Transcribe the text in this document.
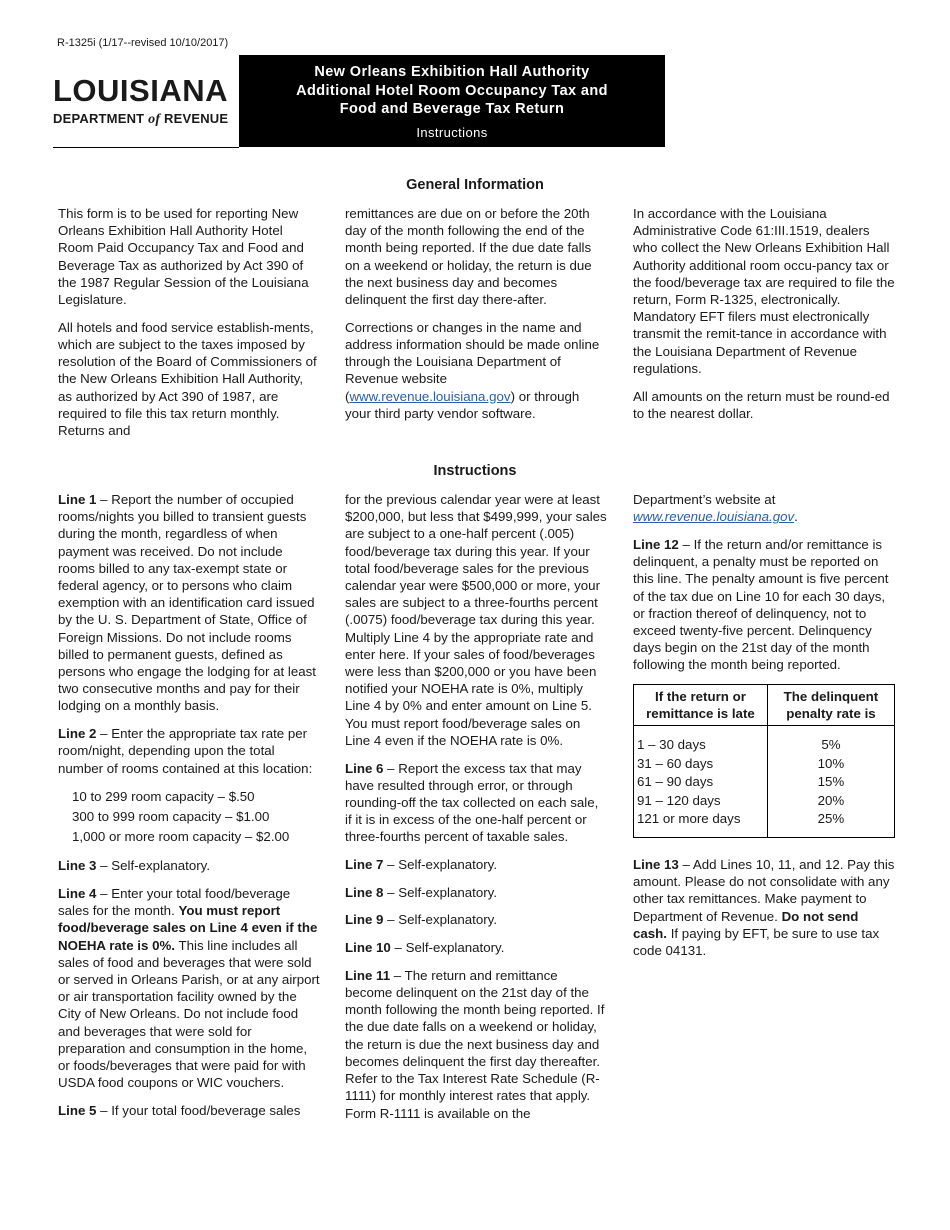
R-1325i (1/17--revised 10/10/2017)
LOUISIANA
DEPARTMENT of REVENUE
New Orleans Exhibition Hall Authority
Additional Hotel Room Occupancy Tax and
Food and Beverage Tax Return
Instructions
General Information

This form is to be used for reporting New Orleans Exhibition Hall Authority Hotel Room Paid Occupancy Tax and Food and Beverage Tax as authorized by Act 390 of the 1987 Regular Session of the Louisiana Legislature.

All hotels and food service establish-ments, which are subject to the taxes imposed by resolution of the Board of Commissioners of the New Orleans Exhibition Hall Authority, as authorized by Act 390 of 1987, are required to file this tax return monthly. Returns and

remittances are due on or before the 20th day of the month following the end of the month being reported. If the due date falls on a weekend or holiday, the return is due the next business day and becomes delinquent the first day there-after.

Corrections or changes in the name and address information should be made online through the Louisiana Department of Revenue website (www.revenue.louisiana.gov) or through your third party vendor software.

In accordance with the Louisiana Administrative Code 61:III.1519, dealers who collect the New Orleans Exhibition Hall Authority additional room occu-pancy tax or the food/beverage tax are required to file the return, Form R-1325, electronically. Mandatory EFT filers must electronically transmit the remit-tance in accordance with the Louisiana Department of Revenue regulations.

All amounts on the return must be round-ed to the nearest dollar.

Instructions

Line 1 – Report the number of occupied rooms/nights you billed to transient guests during the month, regardless of when payment was received. Do not include rooms billed to any tax-exempt state or federal agency, or to persons who claim exemption with an identification card issued by the U. S. Department of State, Office of Foreign Missions. Do not include rooms billed to permanent guests, defined as persons who engage the lodging for at least two consecutive months and pay for their lodging on a monthly basis.

Line 2 – Enter the appropriate tax rate per room/night, depending upon the total number of rooms contained at this location:

10 to 299 room capacity – $.50
300 to 999 room capacity – $1.00
1,000 or more room capacity – $2.00

Line 3 – Self-explanatory.

Line 4 – Enter your total food/beverage sales for the month. You must report food/beverage sales on Line 4 even if the NOEHA rate is 0%. This line includes all sales of food and beverages that were sold or served in Orleans Parish, or at any airport or air transportation facility owned by the City of New Orleans. Do not include food and beverages that were sold for preparation and consumption in the home, or foods/beverages that were paid for with USDA food coupons or WIC vouchers.

Line 5 – If your total food/beverage sales

for the previous calendar year were at least $200,000, but less that $499,999, your sales are subject to a one-half percent (.005) food/beverage tax during this year. If your total food/beverage sales for the previous calendar year were $500,000 or more, your sales are subject to a three-fourths percent (.0075) food/beverage tax during this year. Multiply Line 4 by the appropriate rate and enter here. If your sales of food/beverages were less than $200,000 or you have been notified your NOEHA rate is 0%, multiply Line 4 by 0% and enter amount on Line 5. You must report food/beverage sales on Line 4 even if the NOEHA rate is 0%.

Line 6 – Report the excess tax that may have resulted through error, or through rounding-off the tax collected on each sale, if it is in excess of the one-half percent or three-fourths percent of taxable sales.

Line 7 – Self-explanatory.

Line 8 – Self-explanatory.

Line 9 – Self-explanatory.

Line 10 – Self-explanatory.

Line 11 – The return and remittance become delinquent on the 21st day of the month following the month being reported. If the due date falls on a weekend or holiday, the return is due the next business day and becomes delinquent the first day thereafter. Refer to the Tax Interest Rate Schedule (R-1111) for monthly interest rates that apply. Form R-1111 is available on the

Department’s website at www.revenue.louisiana.gov.

Line 12 – If the return and/or remittance is delinquent, a penalty must be reported on this line. The penalty amount is five percent of the tax due on Line 10 for each 30 days, or fraction thereof of delinquency, not to exceed twenty-five percent. Delinquency days begin on the 21st day of the month following the month being reported.

If the return or remittance is late	The delinquent penalty rate is
1 – 30 days	5%
31 – 60 days	10%
61 – 90 days	15%
91 – 120 days	20%
121 or more days	25%

Line 13 – Add Lines 10, 11, and 12. Pay this amount. Please do not consolidate with any other tax remittances. Make payment to Department of Revenue. Do not send cash. If paying by EFT, be sure to use tax code 04131.
